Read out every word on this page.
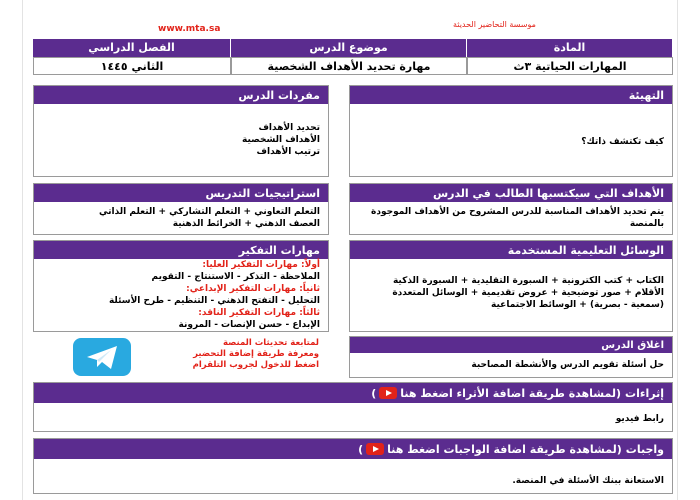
www.mta.sa	موسسة التحاضير الحديثة
الفصل الدراسي	موضوع الدرس	المادة
الثاني ١٤٤٥	مهارة تحديد الأهداف الشخصية	المهارات الحياتية ٣ث
مفردات الدرس
تحديد الأهداف
الأهداف الشخصية
ترتيب الأهداف
التهيئة
كيف تكتشف ذاتك؟
استراتيجيات التدريس
التعلم التعاوني + التعلم التشاركي + التعلم الذاتي
العصف الذهني + الخرائط الذهنية
الأهداف التي سيكتسبها الطالب في الدرس
يتم تحديد الأهداف المناسبة للدرس المشروح من الأهداف الموجودة
بالمنصة
مهارات التفكير
أولاً: مهارات التفكير العليا:
الملاحظة - التذكر - الاستنتاج - التقويم
ثانياً: مهارات التفكير الإبداعي:
التحليل - التفتح الذهني - التنظيم - طرح الأسئلة
ثالثاً: مهارات التفكير الناقد:
الإبداع - حسن الإنصات - المرونة
الوسائل التعليمية المستخدمة
الكتاب + كتب الكترونية + السبورة التقليدية + السبورة الذكية
الأقلام + صور توضيحية + عروض تقديمية + الوسائل المتعددة
(سمعية - بصرية) + الوسائط الاجتماعية
لمتابعة تحديثات المنصة
ومعرفة طريقة إضافة التحضير
اضغط للدخول لجروب التلقرام
اغلاق الدرس
حل أسئلة تقويم الدرس والأنشطة المصاحبة
إثراءات
(لمشاهدة طريقة اضافة الأثراء اضغط هنا
)
رابط فيديو
واجبات
(لمشاهدة طريقة اضافة الواجبات اضغط هنا
)
الاستعانة ببنك الأسئلة في المنصة.
